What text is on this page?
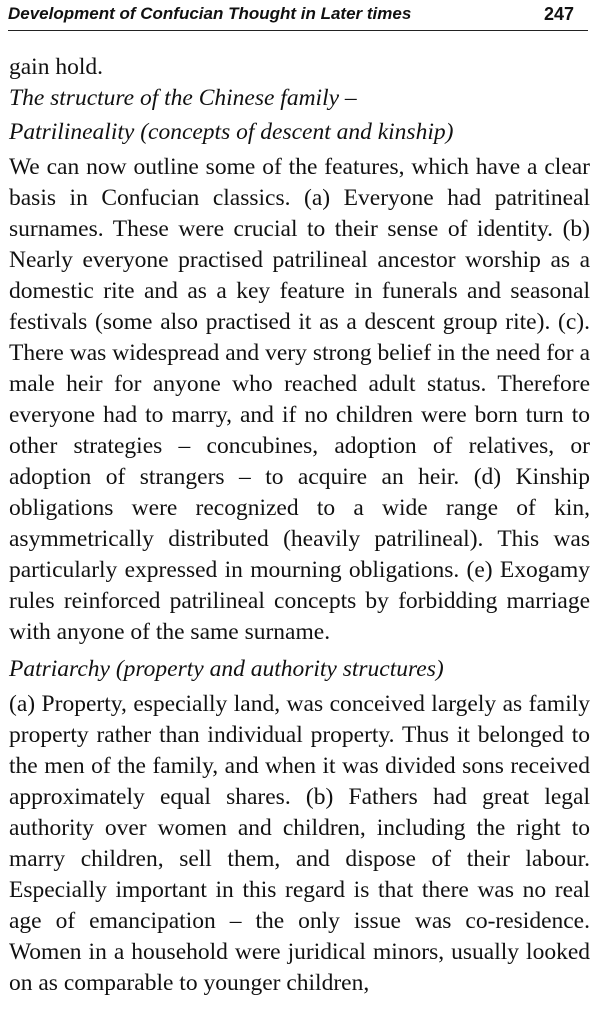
Development of Confucian Thought in Later times	247

gain hold.

The structure of the Chinese family –

Patrilineality (concepts of descent and kinship)

We can now outline some of the features, which have a clear basis in Confucian classics. (a) Everyone had patritineal surnames. These were crucial to their sense of identity. (b) Nearly everyone practised patrilineal ancestor worship as a domestic rite and as a key feature in funerals and seasonal festivals (some also practised it as a descent group rite). (c). There was widespread and very strong belief in the need for a male heir for anyone who reached adult status. Therefore everyone had to marry, and if no children were born turn to other strategies – concubines, adoption of relatives, or adoption of strangers – to acquire an heir. (d) Kinship obligations were recognized to a wide range of kin, asymmetrically distributed (heavily patrilineal). This was particularly expressed in mourning obligations. (e) Exogamy rules reinforced patrilineal concepts by forbidding marriage with anyone of the same surname.

Patriarchy (property and authority structures)

(a) Property, especially land, was conceived largely as family property rather than individual property. Thus it belonged to the men of the family, and when it was divided sons received approximately equal shares. (b) Fathers had great legal authority over women and children, including the right to marry children, sell them, and dispose of their labour. Especially important in this regard is that there was no real age of emancipation – the only issue was co-residence. Women in a household were juridical minors, usually looked on as comparable to younger children,
